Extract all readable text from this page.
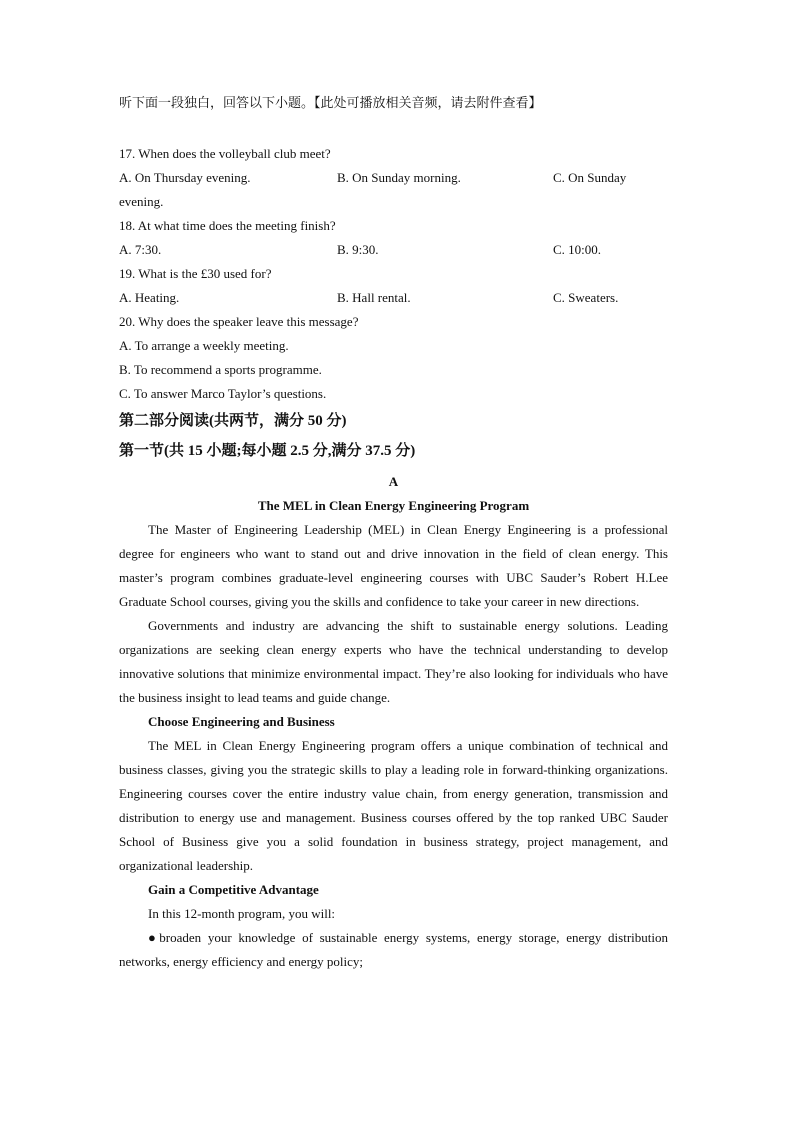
听下面一段独白，回答以下小题。【此处可播放相关音频，请去附件查看】
17. When does the volleyball club meet?
A. On Thursday evening.	B. On Sunday morning.	C. On Sunday
evening.
18. At what time does the meeting finish?
A. 7:30.	B. 9:30.	C. 10:00.
19. What is the £30 used for?
A. Heating.	B. Hall rental.	C. Sweaters.
20. Why does the speaker leave this message?
A. To arrange a weekly meeting.
B. To recommend a sports programme.
C. To answer Marco Taylor’s questions.
第二部分阅读(共两节，满分 50 分)
第一节(共 15 小题;每小题 2.5 分,满分 37.5 分)
A
The MEL in Clean Energy Engineering Program

The Master of Engineering Leadership (MEL) in Clean Energy Engineering is a professional degree for engineers who want to stand out and drive innovation in the field of clean energy. This master’s program combines graduate-level engineering courses with UBC Sauder’s Robert H.Lee Graduate School courses, giving you the skills and confidence to take your career in new directions.

Governments and industry are advancing the shift to sustainable energy solutions. Leading organizations are seeking clean energy experts who have the technical understanding to develop innovative solutions that minimize environmental impact. They’re also looking for individuals who have the business insight to lead teams and guide change.

Choose Engineering and Business

The MEL in Clean Energy Engineering program offers a unique combination of technical and business classes, giving you the strategic skills to play a leading role in forward-thinking organizations. Engineering courses cover the entire industry value chain, from energy generation, transmission and distribution to energy use and management. Business courses offered by the top ranked UBC Sauder School of Business give you a solid foundation in business strategy, project management, and organizational leadership.

Gain a Competitive Advantage
In this 12-month program, you will:

●broaden your knowledge of sustainable energy systems, energy storage, energy distribution networks, energy efficiency and energy policy;
